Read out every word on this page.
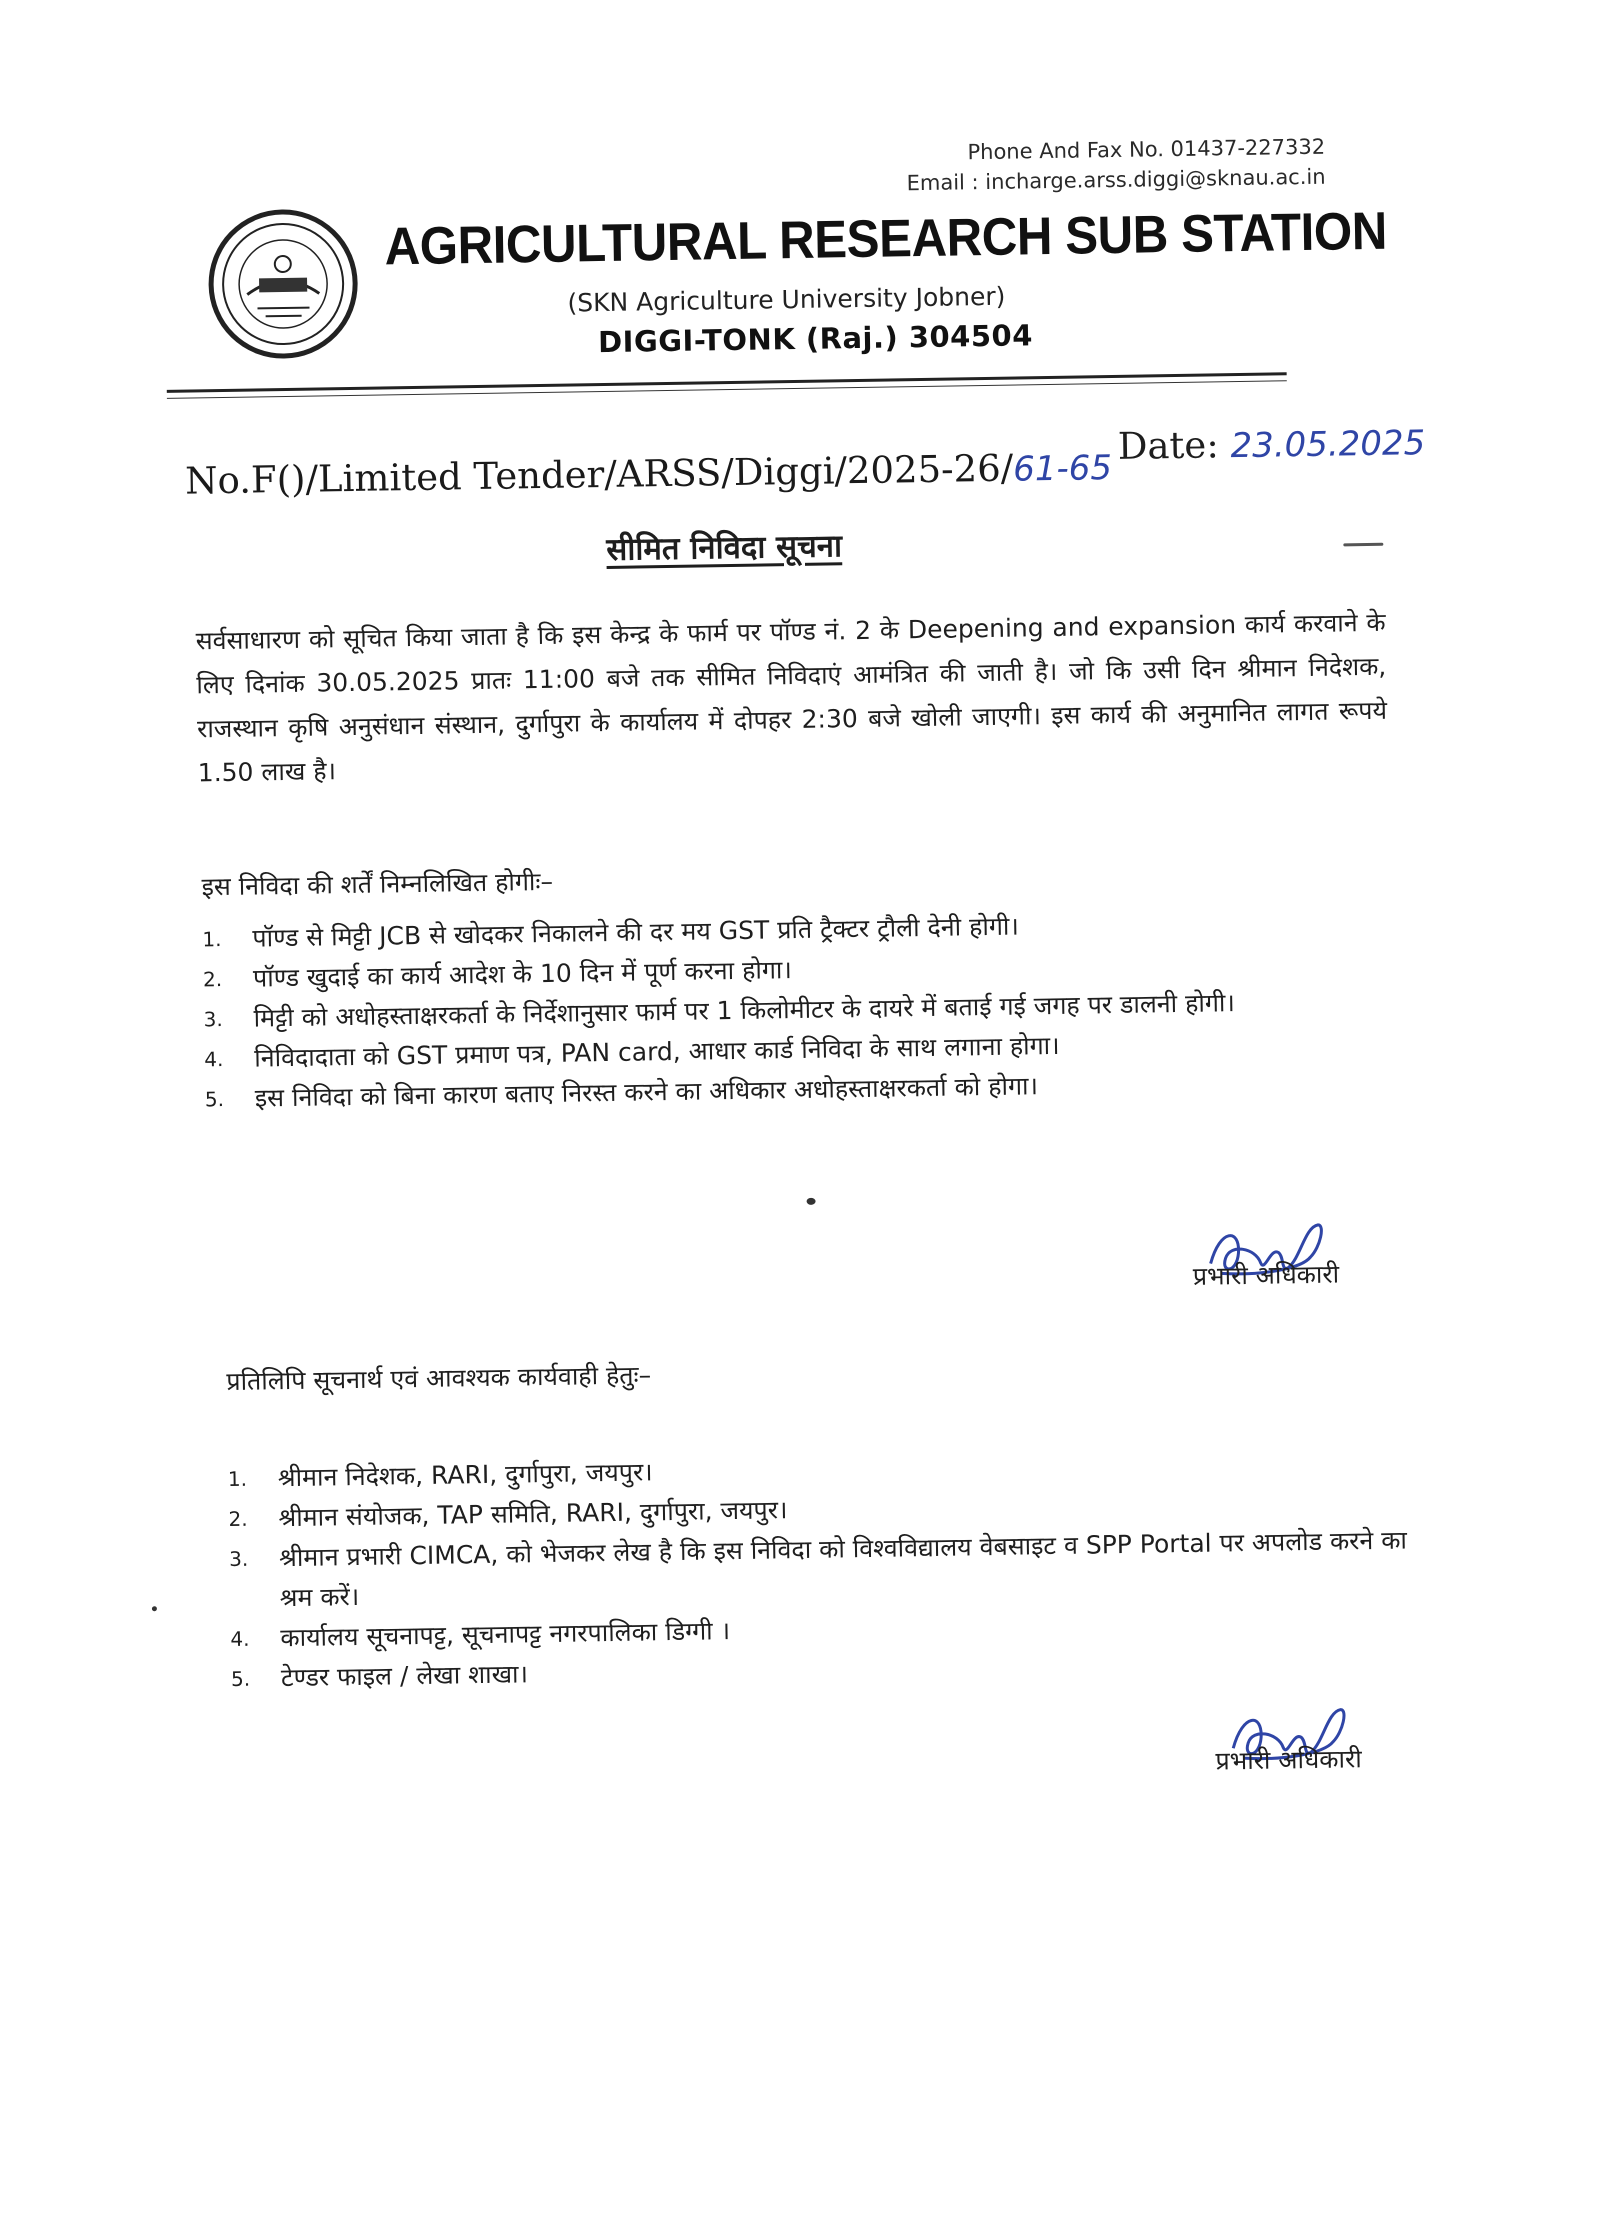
Phone And Fax No. 01437-227332
Email : incharge.arss.diggi@sknau.ac.in
AGRICULTURAL RESEARCH SUB STATION
(SKN Agriculture University Jobner)
DIGGI-TONK (Raj.) 304504
No.F()/Limited Tender/ARSS/Diggi/2025-26/61-65
Date: 23.05.2025
सीमित निविदा सूचना
सर्वसाधारण को सूचित किया जाता है कि इस केन्द्र के फार्म पर पॉण्ड नं. 2 के Deepening and expansion कार्य करवाने के लिए दिनांक 30.05.2025 प्रातः 11:00 बजे तक सीमित निविदाएं आमंत्रित की जाती है। जो कि उसी दिन श्रीमान निदेशक, राजस्थान कृषि अनुसंधान संस्थान, दुर्गापुरा के कार्यालय में दोपहर 2:30 बजे खोली जाएगी। इस कार्य की अनुमानित लागत रूपये 1.50 लाख है।
इस निविदा की शर्तें निम्नलिखित होगीः–
1.	पॉण्ड से मिट्टी JCB से खोदकर निकालने की दर मय GST प्रति ट्रैक्टर ट्रौली देनी होगी।
2.	पॉण्ड खुदाई का कार्य आदेश के 10 दिन में पूर्ण करना होगा।
3.	मिट्टी को अधोहस्ताक्षरकर्ता के निर्देशानुसार फार्म पर 1 किलोमीटर के दायरे में बताई गई जगह पर डालनी होगी।
4.	निविदादाता को GST प्रमाण पत्र, PAN card, आधार कार्ड निविदा के साथ लगाना होगा।
5.	इस निविदा को बिना कारण बताए निरस्त करने का अधिकार अधोहस्ताक्षरकर्ता को होगा।
प्रभारी अधिकारी
प्रतिलिपि सूचनार्थ एवं आवश्यक कार्यवाही हेतुः–
1.	श्रीमान निदेशक, RARI, दुर्गापुरा, जयपुर।
2.	श्रीमान संयोजक, TAP समिति, RARI, दुर्गापुरा, जयपुर।
3.	श्रीमान प्रभारी CIMCA, को भेजकर लेख है कि इस निविदा को विश्वविद्यालय वेबसाइट व SPP Portal पर अपलोड करने का श्रम करें।
4.	कार्यालय सूचनापट्ट, सूचनापट्ट नगरपालिका डिग्गी ।
5.	टेण्डर फाइल / लेखा शाखा।
प्रभारी अधिकारी
